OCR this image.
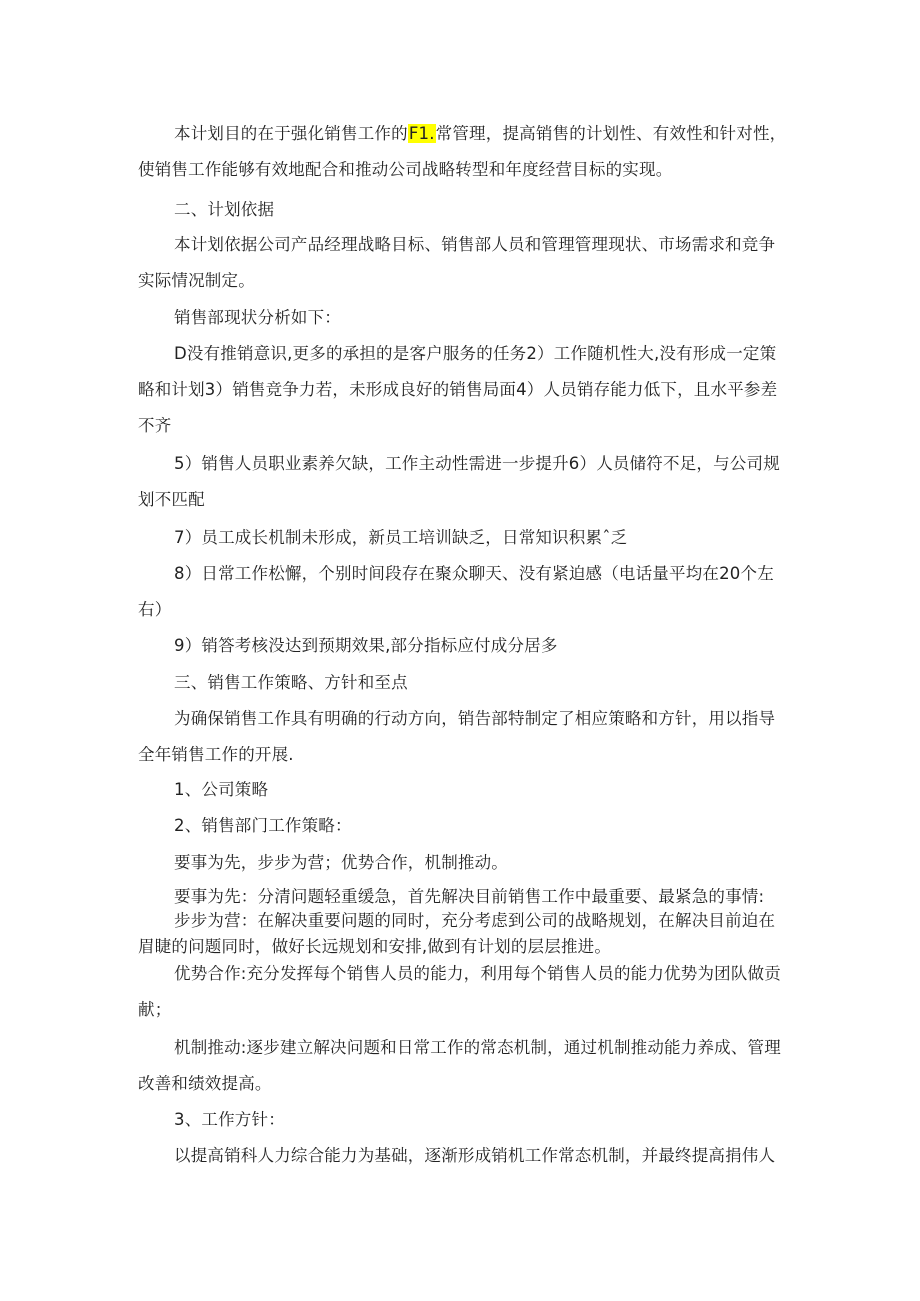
本计划目的在于强化销售工作的F1.常管理，提高销售的计划性、有效性和针对性，使销售工作能够有效地配合和推动公司战略转型和年度经营目标的实现。

二、计划依据

本计划依据公司产品经理战略目标、销售部人员和管理管理现状、市场需求和竞争实际情况制定。

销售部现状分析如下：

D没有推销意识,更多的承担的是客户服务的任务2）工作随机性大,没有形成一定策略和计划3）销售竞争力若，未形成良好的销售局面4）人员销存能力低下，且水平参差不齐

5）销售人员职业素养欠缺，工作主动性需进一步提升6）人员储符不足，与公司规划不匹配

7）员工成长机制未形成，新员工培训缺乏，日常知识积累ˆ乏

8）日常工作松懈，个别时间段存在聚众聊天、没有紧迫感（电话量平均在20个左右）

9）销答考核没达到预期效果,部分指标应付成分居多

三、销售工作策略、方针和至点

为确保销售工作具有明确的行动方向，销告部特制定了相应策略和方针，用以指导全年销售工作的开展.

1、公司策略

2、销售部门工作策略：

要事为先，步步为营；优势合作，机制推动。

要事为先：分清问题轻重缓急，首先解决目前销售工作中最重要、最紧急的事情:

步步为营：在解决重要问题的同时，充分考虑到公司的战略规划，在解决目前迫在眉睫的问题同时，做好长远规划和安排,做到有计划的层层推进。

优势合作:充分发挥每个销售人员的能力，利用每个销售人员的能力优势为团队做贡献；

机制推动:逐步建立解决问题和日常工作的常态机制，通过机制推动能力养成、管理改善和绩效提高。

3、工作方针：

以提高销科人力综合能力为基础，逐渐形成销机工作常态机制，并最终提高捐伟人
